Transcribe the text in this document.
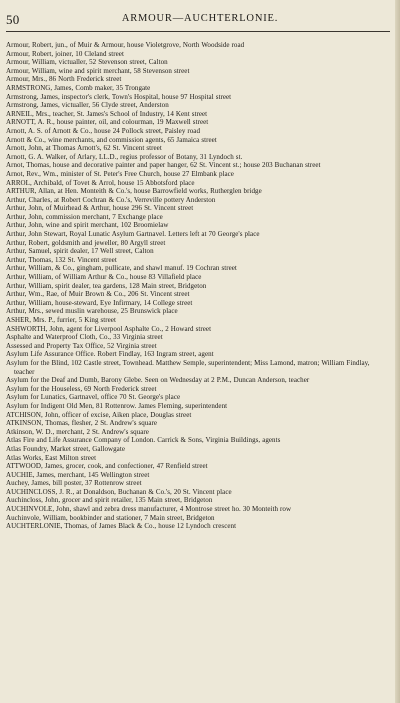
50	ARMOUR—AUCHTERLONIE.
Armour, Robert, jun., of Muir & Armour, house Violetgrove, North Woodside road
Armour, Robert, joiner, 10 Cleland street
Armour, William, victualler, 52 Stevenson street, Calton
Armour, William, wine and spirit merchant, 58 Stevenson street
Armour, Mrs., 86 North Frederick street
ARMSTRONG, James, Comb maker, 35 Trongate
Armstrong, James, inspector's clerk, Town's Hospital, house 97 Hospital street
Armstrong, James, victualler, 56 Clyde street, Anderston
ARNEIL, Mrs., teacher, St. James's School of Industry, 14 Kent street
ARNOTT, A. R., house painter, oil, and colourman, 19 Maxwell street
Arnott, A. S. of Arnott & Co., house 24 Pollock street, Paisley road
Arnott & Co., wine merchants, and commission agents, 65 Jamaica street
Arnott, John, at Thomas Arnott's, 62 St. Vincent street
Arnott, G. A. Walker, of Arlary, LL.D., regius professor of Botany, 31 Lyndoch st.
Arnot, Thomas, house and decorative painter and paper hanger, 62 St. Vincent st.; house 203 Buchanan street
Arnot, Rev., Wm., minister of St. Peter's Free Church, house 27 Elmbank place
ARROL, Archibald, of Tovet & Arrol, house 15 Abbotsford place
ARTHUR, Allan, at Hen. Monteith & Co.'s, house Barrowfield works, Rutherglen bridge
Arthur, Charles, at Robert Cochran & Co.'s, Verreville pottery Anderston
Arthur, John, of Muirhead & Arthur, house 296 St. Vincent street
Arthur, John, commission merchant, 7 Exchange place
Arthur, John, wine and spirit merchant, 102 Broomielaw
Arthur, John Stewart, Royal Lunatic Asylum Gartnavel. Letters left at 70 George's place
Arthur, Robert, goldsmith and jeweller, 80 Argyll street
Arthur, Samuel, spirit dealer, 17 Well street, Calton
Arthur, Thomas, 132 St. Vincent street
Arthur, William, & Co., gingham, pullicate, and shawl manuf. 19 Cochran street
Arthur, William, of William Arthur & Co., house 83 Villafield place
Arthur, William, spirit dealer, tea gardens, 128 Main street, Bridgeton
Arthur, Wm., Rae, of Muir Brown & Co., 206 St. Vincent street
Arthur, William, house-steward, Eye Infirmary, 14 College street
Arthur, Mrs., sewed muslin warehouse, 25 Brunswick place
ASHER, Mrs. P., furrier, 5 King street
ASHWORTH, John, agent for Liverpool Asphalte Co., 2 Howard street
Asphalte and Waterproof Cloth, Co., 33 Virginia street
Assessed and Property Tax Office, 52 Virginia street
Asylum Life Assurance Office. Robert Findlay, 163 Ingram street, agent
Asylum for the Blind, 102 Castle street, Townhead. Matthew Semple, superintendent; Miss Lamond, matron; William Findlay, teacher
Asylum for the Deaf and Dumb, Barony Glebe. Seen on Wednesday at 2 P.M., Duncan Anderson, teacher
Asylum for the Houseless, 69 North Frederick street
Asylum for Lunatics, Gartnavel, office 70 St. George's place
Asylum for Indigent Old Men, 81 Rottenrow. James Fleming, superintendent
ATCHISON, John, officer of excise, Aiken place, Douglas street
ATKINSON, Thomas, flesher, 2 St. Andrew's square
Atkinson, W. D., merchant, 2 St. Andrew's square
Atlas Fire and Life Assurance Company of London. Carrick & Sons, Virginia Buildings, agents
Atlas Foundry, Market street, Gallowgate
Atlas Works, East Milton street
ATTWOOD, James, grocer, cook, and confectioner, 47 Renfield street
AUCHIE, James, merchant, 145 Wellington street
Auchey, James, bill poster, 37 Rottenrow street
AUCHINCLOSS, J. R., at Donaldson, Buchanan & Co.'s, 20 St. Vincent place
Auchincloss, John, grocer and spirit retailer, 135 Main street, Bridgeton
AUCHINVOLE, John, shawl and zebra dress manufacturer, 4 Montrose street ho. 30 Monteith row
Auchinvole, William, bookbinder and stationer, 7 Main street, Bridgeton
AUCHTERLONIE, Thomas, of James Black & Co., house 12 Lyndoch crescent
